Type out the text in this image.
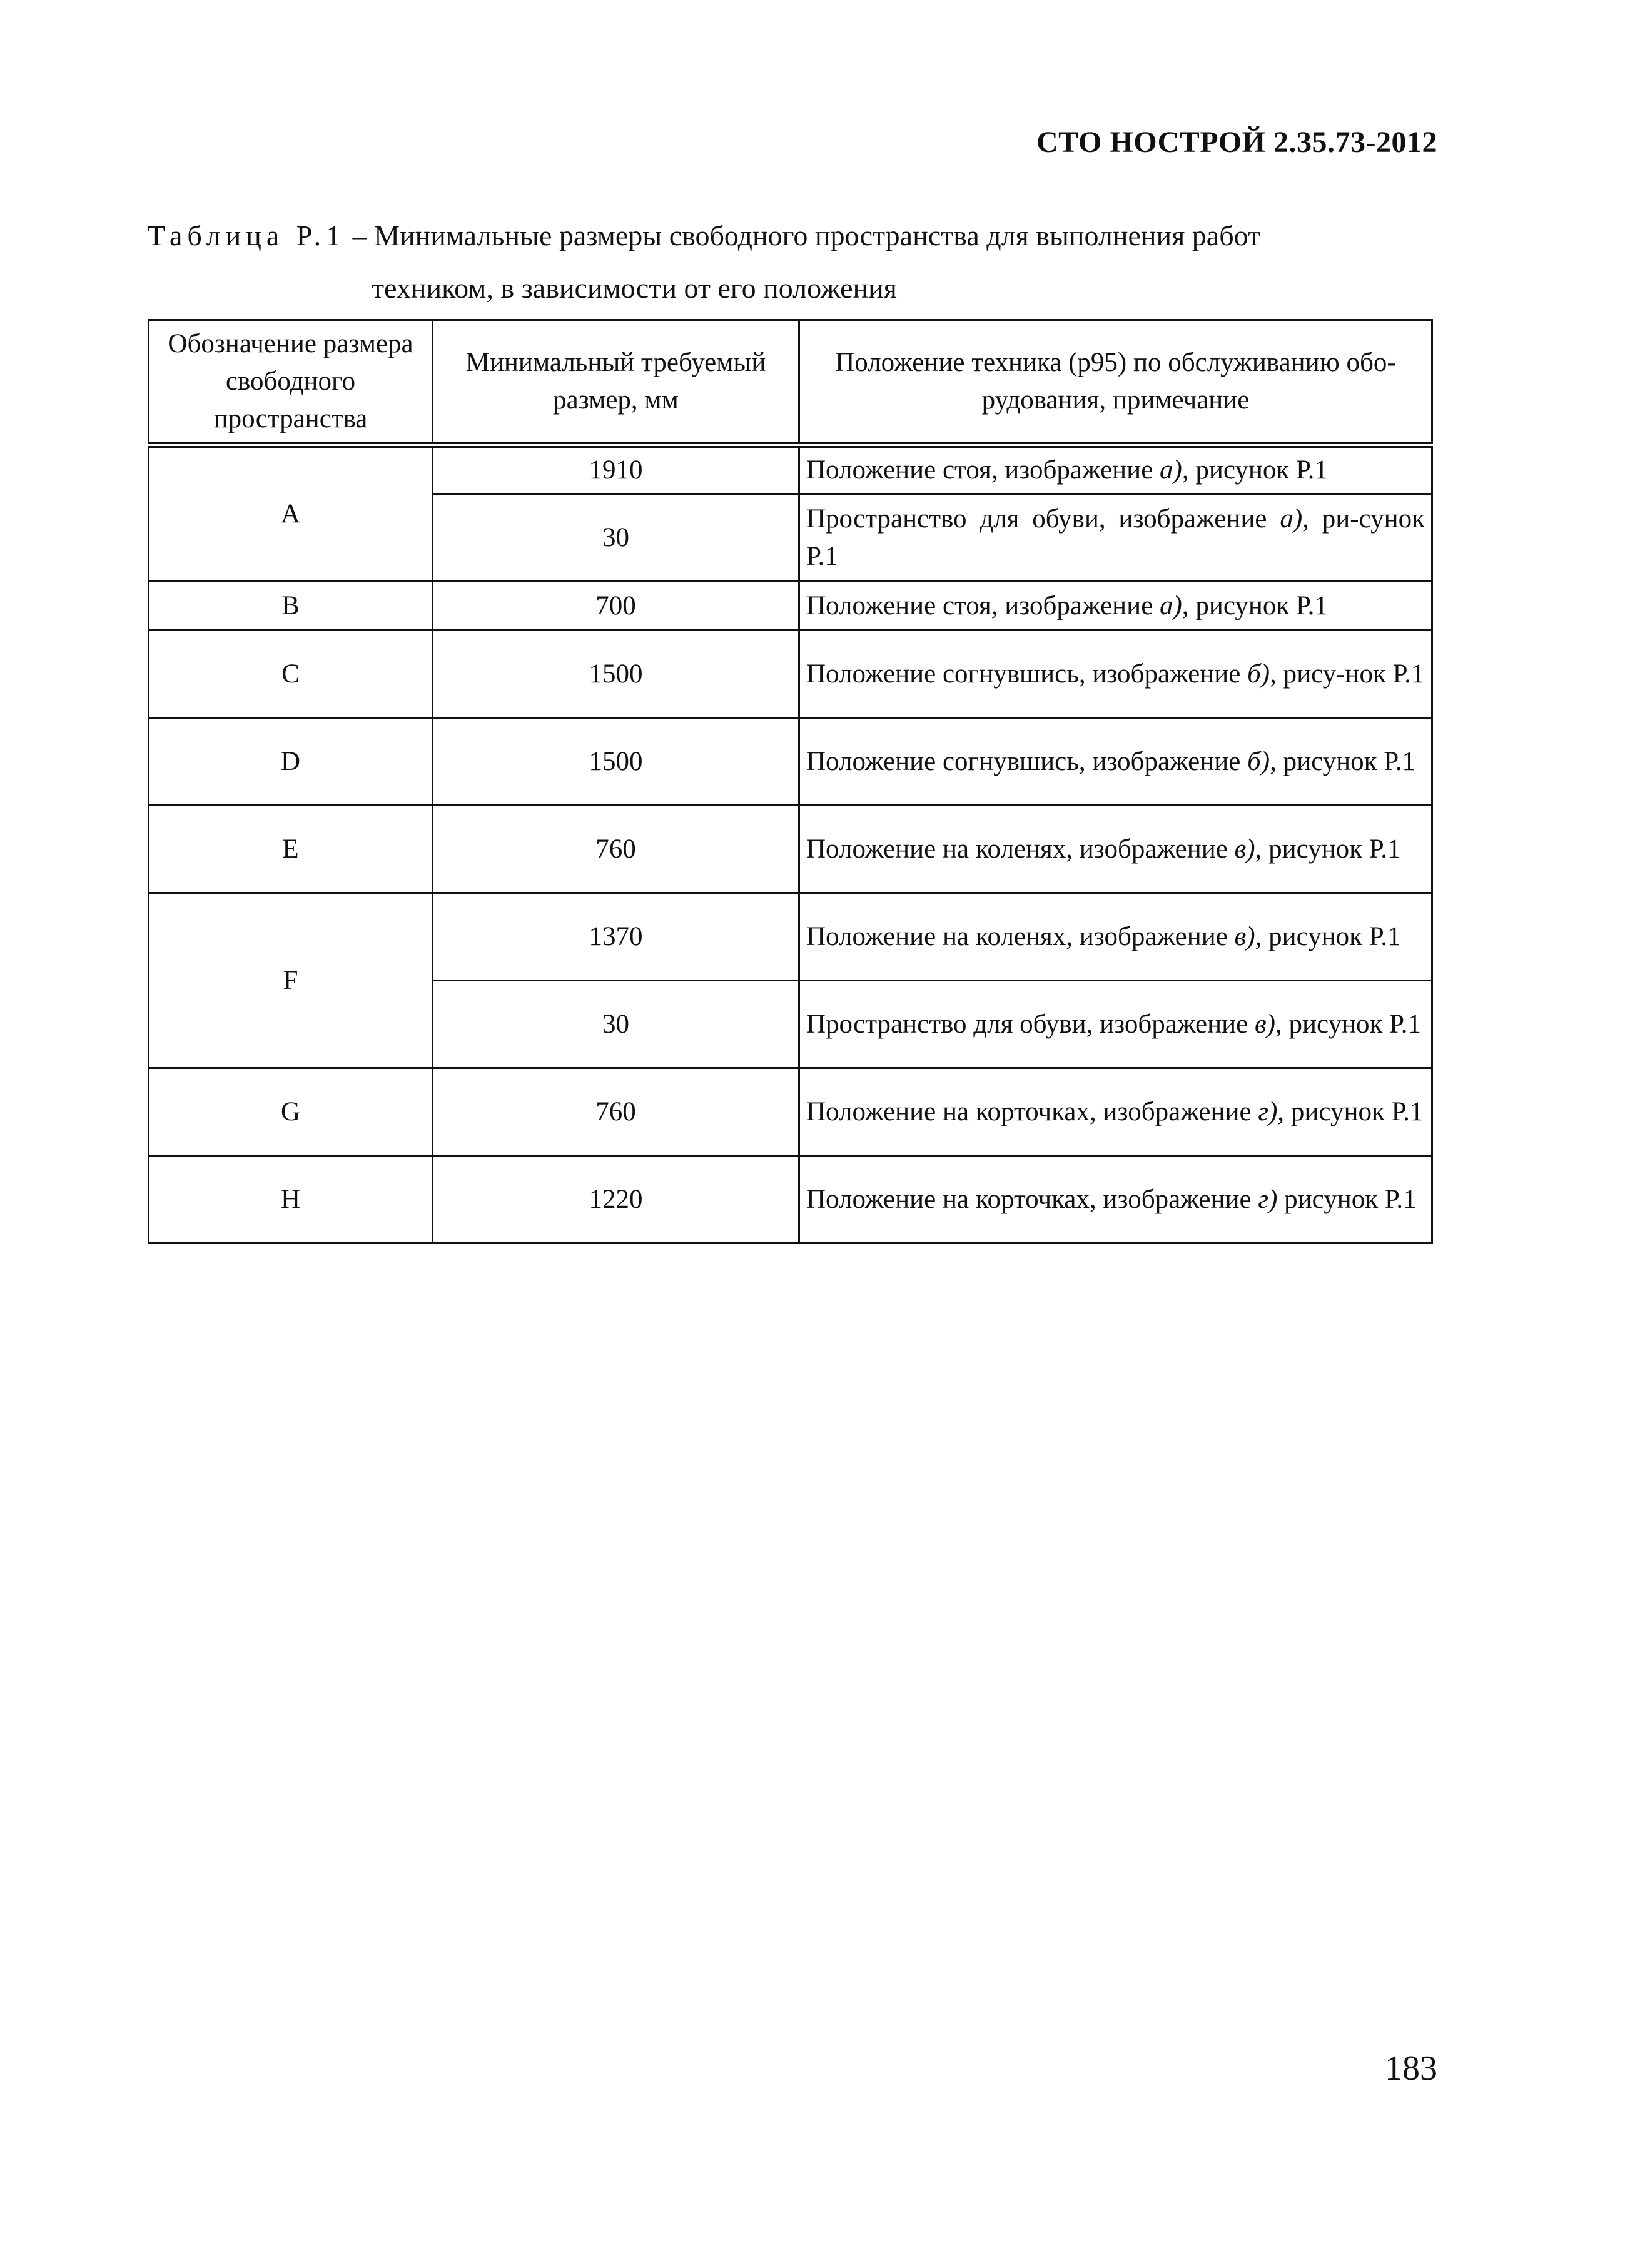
СТО НОСТРОЙ 2.35.73-2012
Таблица Р.1 – Минимальные размеры свободного пространства для выполнения работ
техником, в зависимости от его положения
Обозначение размера свободного пространства	Минимальный требуемый размер, мм	Положение техника (р95) по обслуживанию обо-рудования, примечание
A	1910	Положение стоя, изображение а), рисунок Р.1
	30	Пространство для обуви, изображение а), ри-сунок Р.1
B	700	Положение стоя, изображение а), рисунок Р.1
C	1500	Положение согнувшись, изображение б), рису-нок Р.1
D	1500	Положение согнувшись, изображение б), рисунок Р.1
E	760	Положение на коленях, изображение в), рисунок Р.1
F	1370	Положение на коленях, изображение в), рисунок Р.1
	30	Пространство для обуви, изображение в), рисунок Р.1
G	760	Положение на корточках, изображение г), рисунок Р.1
H	1220	Положение на корточках, изображение г) рисунок Р.1
183
